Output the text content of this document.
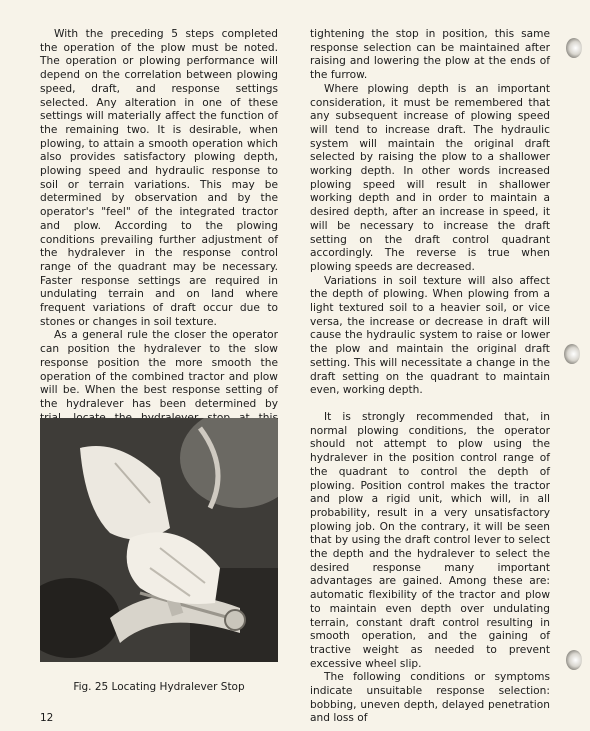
With the preceding 5 steps completed the operation of the plow must be noted. The operation or plowing performance will depend on the correlation between plowing speed, draft, and response settings selected. Any alteration in one of these settings will materially affect the function of the remaining two. It is desirable, when plowing, to attain a smooth operation which also provides satisfactory plowing depth, plowing speed and hydraulic response to soil or terrain variations. This may be determined by observation and by the operator's "feel" of the integrated tractor and plow. According to the plowing conditions prevailing further adjustment of the hydralever in the response control range of the quadrant may be necessary. Faster response settings are required in undulating terrain and on land where frequent variations of draft occur due to stones or changes in soil texture.

As a general rule the closer the operator can position the hydralever to the slow response position the more smooth the operation of the combined tractor and plow will be. When the best response setting of the hydralever has been determined by

Fig. 25 Locating Hydralever Stop

tightening the stop in position, this same response selection can be maintained after raising and lowering the plow at the ends of the furrow.

Where plowing depth is an important consideration, it must be remembered that any subsequent increase of plowing speed will tend to increase draft. The hydraulic system will maintain the original draft selected by raising the plow to a shallower working depth. In other words increased plowing speed will result in shallower working depth and in order to maintain a desired depth, after an increase in speed, it will be necessary to increase the draft setting on the draft control quadrant accordingly. The reverse is true when plowing speeds are decreased.

Variations in soil texture will also affect the depth of plowing. When plowing from a light textured soil to a heavier soil, or vice versa, the increase or decrease in draft will cause the hydraulic system to raise or lower the plow and maintain the original draft setting. This will necessitate a change in the draft setting on the quadrant to maintain even, working depth.

It is strongly recommended that, in normal plowing conditions, the operator should not attempt to plow using the hydralever in the position control range of the quadrant to control the depth of plowing. Position control makes the tractor and plow a rigid unit, which will, in all probability, result in a very unsatisfactory plowing job. On the contrary, it will be seen that by using the draft control lever to select the depth and the hydralever to select the desired response many important advantages are gained. Among these are: automatic flexibility of the tractor and plow to maintain even depth over undulating terrain, constant draft control resulting in smooth operation, and the gaining of tractive weight as needed to prevent excessive wheel slip.

The following conditions or symptoms indicate unsuitable response selection: bobbing, uneven depth, delayed penetration and loss of

12
